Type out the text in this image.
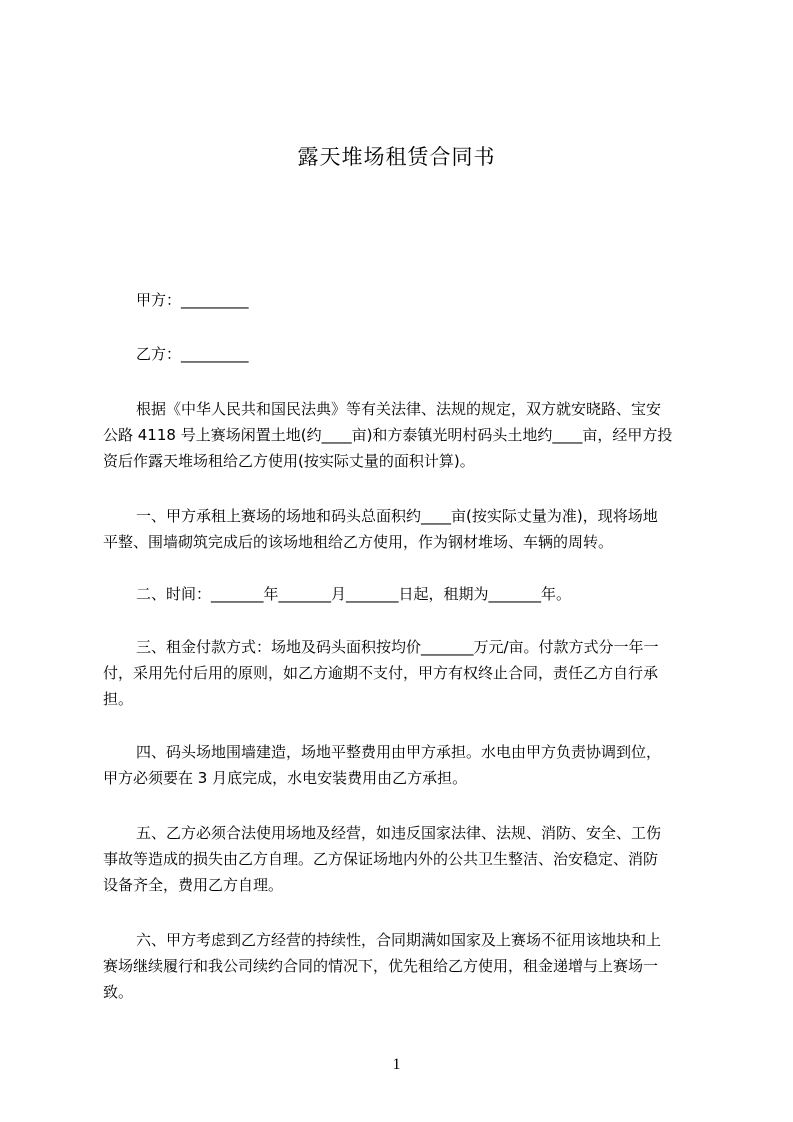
露天堆场租赁合同书
甲方：_________
乙方：_________
根据《中华人民共和国民法典》等有关法律、法规的规定，双方就安晓路、宝安
公路 4118 号上赛场闲置土地(约____亩)和方泰镇光明村码头土地约____亩，经甲方投
资后作露天堆场租给乙方使用(按实际丈量的面积计算)。
一、甲方承租上赛场的场地和码头总面积约____亩(按实际丈量为准)，现将场地
平整、围墙砌筑完成后的该场地租给乙方使用，作为钢材堆场、车辆的周转。
二、时间：_______年_______月_______日起，租期为_______年。
三、租金付款方式：场地及码头面积按均价_______万元/亩。付款方式分一年一
付，采用先付后用的原则，如乙方逾期不支付，甲方有权终止合同，责任乙方自行承
担。
四、码头场地围墙建造，场地平整费用由甲方承担。水电由甲方负责协调到位，
甲方必须要在 3 月底完成，水电安装费用由乙方承担。
五、乙方必须合法使用场地及经营，如违反国家法律、法规、消防、安全、工伤
事故等造成的损失由乙方自理。乙方保证场地内外的公共卫生整洁、治安稳定、消防
设备齐全，费用乙方自理。
六、甲方考虑到乙方经营的持续性，合同期满如国家及上赛场不征用该地块和上
赛场继续履行和我公司续约合同的情况下，优先租给乙方使用，租金递增与上赛场一
致。
1
